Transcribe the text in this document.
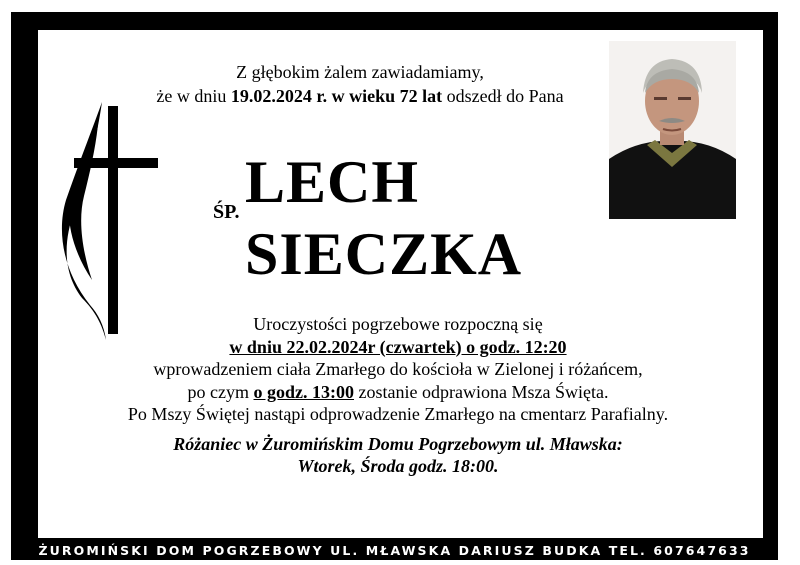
ŻUROMIŃSKI DOM POGRZEBOWY UL. MŁAWSKA DARIUSZ BUDKA TEL. 607647633
Z głębokim żalem zawiadamiamy,
że w dniu 19.02.2024 r. w wieku 72 lat odszedł do Pana
ŚP. LECH
SIECZKA
Uroczystości pogrzebowe rozpoczną się
w dniu 22.02.2024r (czwartek) o godz. 12:20
wprowadzeniem ciała Zmarłego do kościoła w Zielonej i różańcem,
po czym o godz. 13:00 zostanie odprawiona Msza Święta.
Po Mszy Świętej nastąpi odprowadzenie Zmarłego na cmentarz Parafialny.
Różaniec w Żuromińskim Domu Pogrzebowym ul. Mławska:
Wtorek, Środa godz. 18:00.
